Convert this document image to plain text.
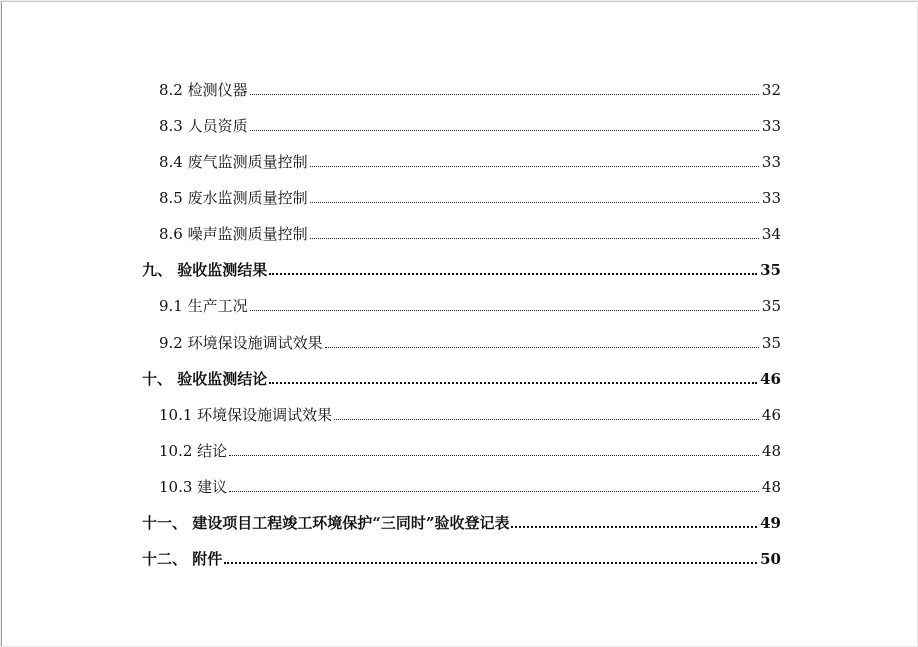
8.2 检测仪器	32
8.3 人员资质	33
8.4 废气监测质量控制	33
8.5 废水监测质量控制	33
8.6 噪声监测质量控制	34
九、 验收监测结果	35
9.1 生产工况	35
9.2 环境保设施调试效果	35
十、 验收监测结论	46
10.1 环境保设施调试效果	46
10.2 结论	48
10.3 建议	48
十一、 建设项目工程竣工环境保护“三同时”验收登记表	49
十二、 附件	50
